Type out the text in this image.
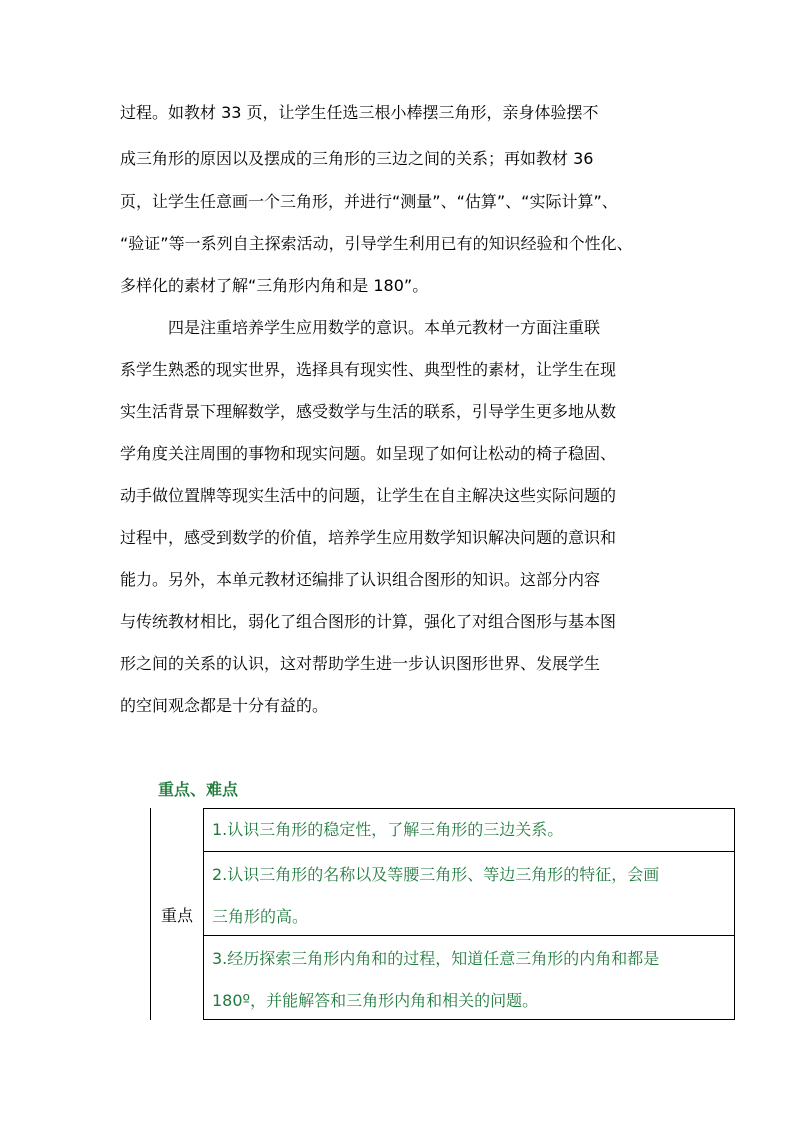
过程。如教材 33 页，让学生任选三根小棒摆三角形，亲身体验摆不
成三角形的原因以及摆成的三角形的三边之间的关系；再如教材 36
页，让学生任意画一个三角形，并进行“测量”、“估算”、“实际计算”、
“验证”等一系列自主探索活动，引导学生利用已有的知识经验和个性化、
多样化的素材了解“三角形内角和是 180”。
四是注重培养学生应用数学的意识。本单元教材一方面注重联
系学生熟悉的现实世界，选择具有现实性、典型性的素材，让学生在现
实生活背景下理解数学，感受数学与生活的联系，引导学生更多地从数
学角度关注周围的事物和现实问题。如呈现了如何让松动的椅子稳固、
动手做位置牌等现实生活中的问题，让学生在自主解决这些实际问题的
过程中，感受到数学的价值，培养学生应用数学知识解决问题的意识和
能力。另外，本单元教材还编排了认识组合图形的知识。这部分内容
与传统教材相比，弱化了组合图形的计算，强化了对组合图形与基本图
形之间的关系的认识，这对帮助学生进一步认识图形世界、发展学生
的空间观念都是十分有益的。
重点、难点
重点
1.认识三角形的稳定性，了解三角形的三边关系。
2.认识三角形的名称以及等腰三角形、等边三角形的特征，会画
三角形的高。
3.经历探索三角形内角和的过程，知道任意三角形的内角和都是
180º，并能解答和三角形内角和相关的问题。
